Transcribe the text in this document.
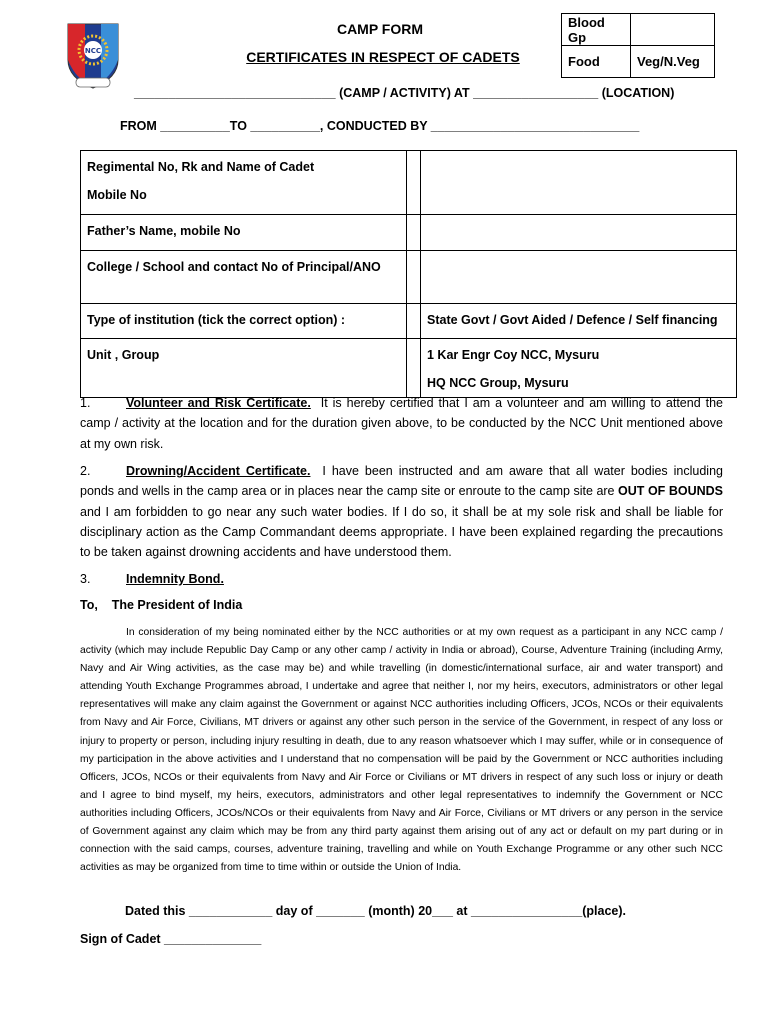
NCC
CAMP FORM
CERTIFICATES IN RESPECT OF CADETS
Blood Gp	
Food	Veg/N.Veg
_____________________________ (CAMP / ACTIVITY) AT __________________ (LOCATION)
FROM __________TO __________, CONDUCTED BY ______________________________
Regimental No, Rk and Name of Cadet
Mobile No		

Father’s Name, mobile No		
College / School and contact No of Principal/ANO		
Type of institution (tick the correct option) :		State Govt / Govt Aided / Defence / Self financing
Unit , Group		1 Kar Engr Coy NCC, Mysuru
HQ NCC Group, Mysuru
1.	Volunteer and Risk Certificate. It is hereby certified that I am a volunteer and am willing to attend the camp / activity at the location and for the duration given above, to be conducted by the NCC Unit mentioned above at my own risk.
2.	Drowning/Accident Certificate. I have been instructed and am aware that all water bodies including ponds and wells in the camp area or in places near the camp site or enroute to the camp site are OUT OF BOUNDS and I am forbidden to go near any such water bodies. If I do so, it shall be at my sole risk and shall be liable for disciplinary action as the Camp Commandant deems appropriate. I have been explained regarding the precautions to be taken against drowning accidents and have understood them.
3.	Indemnity Bond.
To,    The President of India
In consideration of my being nominated either by the NCC authorities or at my own request as a participant in any NCC camp / activity (which may include Republic Day Camp or any other camp / activity in India or abroad), Course, Adventure Training (including Army, Navy and Air Wing activities, as the case may be) and while travelling (in domestic/international surface, air and water transport) and attending Youth Exchange Programmes abroad, I undertake and agree that neither I, nor my heirs, executors, administrators or other legal representatives will make any claim against the Government or against NCC authorities including Officers, JCOs, NCOs or their equivalents from Navy and Air Force, Civilians, MT drivers or against any other such person in the service of the Government, in respect of any loss or injury to property or person, including injury resulting in death, due to any reason whatsoever which I may suffer, while or in consequence of my participation in the above activities and I understand that no compensation will be paid by the Government or NCC authorities including Officers, JCOs, NCOs or their equivalents from Navy and Air Force or Civilians or MT drivers in respect of any such loss or injury or death and I agree to bind myself, my heirs, executors, administrators and other legal representatives to indemnify the Government or NCC authorities including Officers, JCOs/NCOs or their equivalents from Navy and Air Force, Civilians or MT drivers or any person in the service of Government against any claim which may be from any third party against them arising out of any act or default on my part during or in connection with the said camps, courses, adventure training, travelling and while on Youth Exchange Programme or any other such NCC activities as may be organized from time to time within or outside the Union of India.
Dated this ____________ day of _______ (month) 20___ at ________________(place).
Sign of Cadet ______________
